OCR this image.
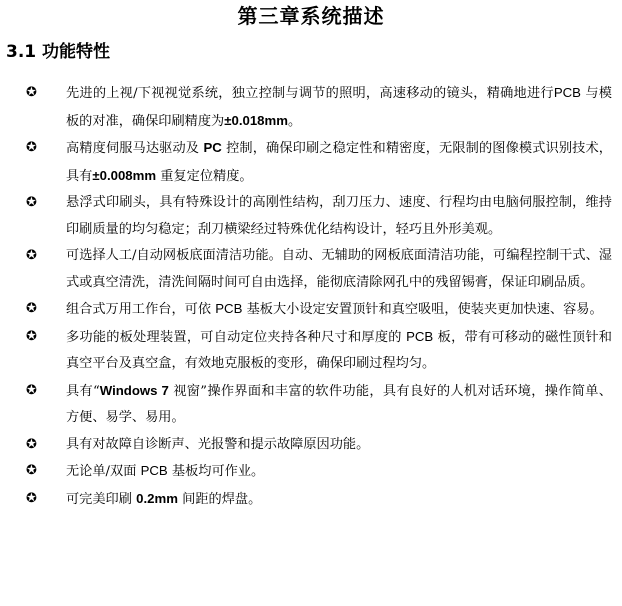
第三章系统描述
3.1 功能特性
✪ 先进的上视/下视视觉系统，独立控制与调节的照明，高速移动的镜头，精确地进行PCB 与模板的对准，确保印刷精度为±0.018mm。
✪ 高精度伺服马达驱动及 PC 控制，确保印刷之稳定性和精密度，无限制的图像模式识别技术，具有±0.008mm 重复定位精度。
✪ 悬浮式印刷头，具有特殊设计的高刚性结构，刮刀压力、速度、行程均由电脑伺服控制，维持印刷质量的均匀稳定；刮刀横梁经过特殊优化结构设计，轻巧且外形美观。
✪ 可选择人工/自动网板底面清洁功能。自动、无辅助的网板底面清洁功能，可编程控制干式、湿式或真空清洗，清洗间隔时间可自由选择，能彻底清除网孔中的残留锡膏，保证印刷品质。
✪ 组合式万用工作台，可依 PCB 基板大小设定安置顶针和真空吸咀，使装夹更加快速、容易。
✪ 多功能的板处理装置，可自动定位夹持各种尺寸和厚度的 PCB 板，带有可移动的磁性顶针和真空平台及真空盒，有效地克服板的变形，确保印刷过程均匀。
✪ 具有“Windows 7 视窗”操作界面和丰富的软件功能，具有良好的人机对话环境，操作简单、方便、易学、易用。
✪ 具有对故障自诊断声、光报警和提示故障原因功能。
✪ 无论单/双面 PCB 基板均可作业。
✪ 可完美印刷 0.2mm 间距的焊盘。
